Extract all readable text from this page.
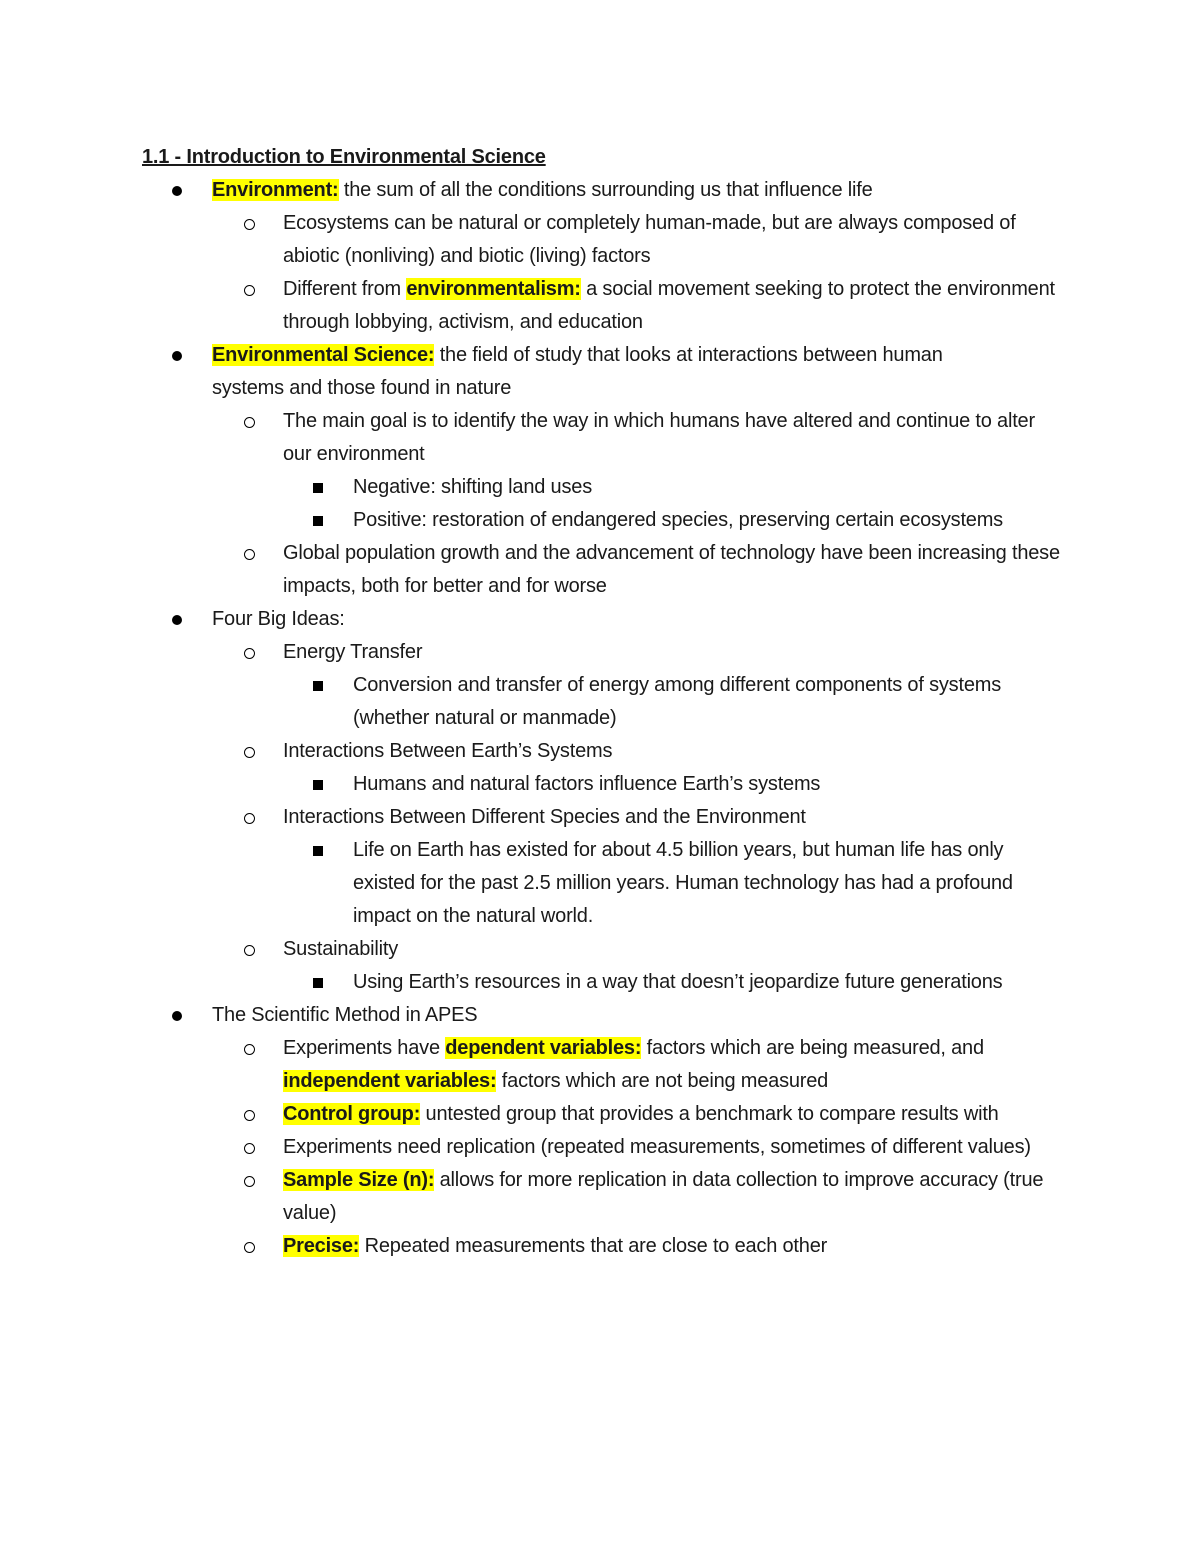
1.1 - Introduction to Environmental Science
Environment: the sum of all the conditions surrounding us that influence life
Ecosystems can be natural or completely human-made, but are always composed of abiotic (nonliving) and biotic (living) factors
Different from environmentalism: a social movement seeking to protect the environment through lobbying, activism, and education
Environmental Science: the field of study that looks at interactions between human systems and those found in nature
The main goal is to identify the way in which humans have altered and continue to alter our environment
Negative: shifting land uses
Positive: restoration of endangered species, preserving certain ecosystems
Global population growth and the advancement of technology have been increasing these impacts, both for better and for worse
Four Big Ideas:
Energy Transfer
Conversion and transfer of energy among different components of systems (whether natural or manmade)
Interactions Between Earth’s Systems
Humans and natural factors influence Earth’s systems
Interactions Between Different Species and the Environment
Life on Earth has existed for about 4.5 billion years, but human life has only existed for the past 2.5 million years. Human technology has had a profound impact on the natural world.
Sustainability
Using Earth’s resources in a way that doesn’t jeopardize future generations
The Scientific Method in APES
Experiments have dependent variables: factors which are being measured, and independent variables: factors which are not being measured
Control group: untested group that provides a benchmark to compare results with
Experiments need replication (repeated measurements, sometimes of different values)
Sample Size (n): allows for more replication in data collection to improve accuracy (true value)
Precise: Repeated measurements that are close to each other
